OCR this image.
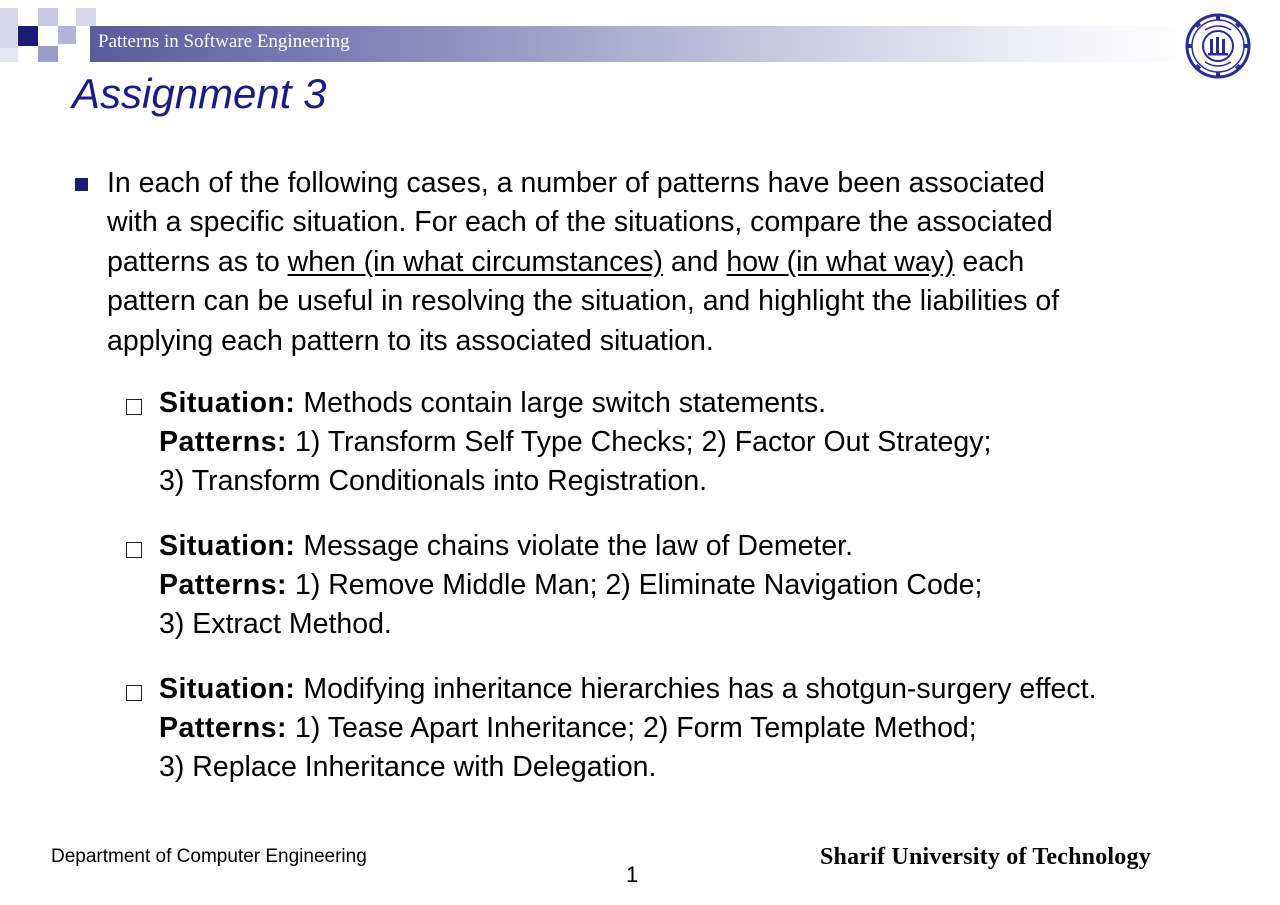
Patterns in Software Engineering
Assignment 3
In each of the following cases, a number of patterns have been associated
with a specific situation. For each of the situations, compare the associated
patterns as to when (in what circumstances) and how (in what way) each
pattern can be useful in resolving the situation, and highlight the liabilities of
applying each pattern to its associated situation.
Situation: Methods contain large switch statements.
Patterns: 1) Transform Self Type Checks; 2) Factor Out Strategy;
3) Transform Conditionals into Registration.
Situation: Message chains violate the law of Demeter.
Patterns: 1) Remove Middle Man; 2) Eliminate Navigation Code;
3) Extract Method.
Situation: Modifying inheritance hierarchies has a shotgun-surgery effect.
Patterns: 1) Tease Apart Inheritance; 2) Form Template Method;
3) Replace Inheritance with Delegation.
Department of Computer Engineering
1
Sharif University of Technology
